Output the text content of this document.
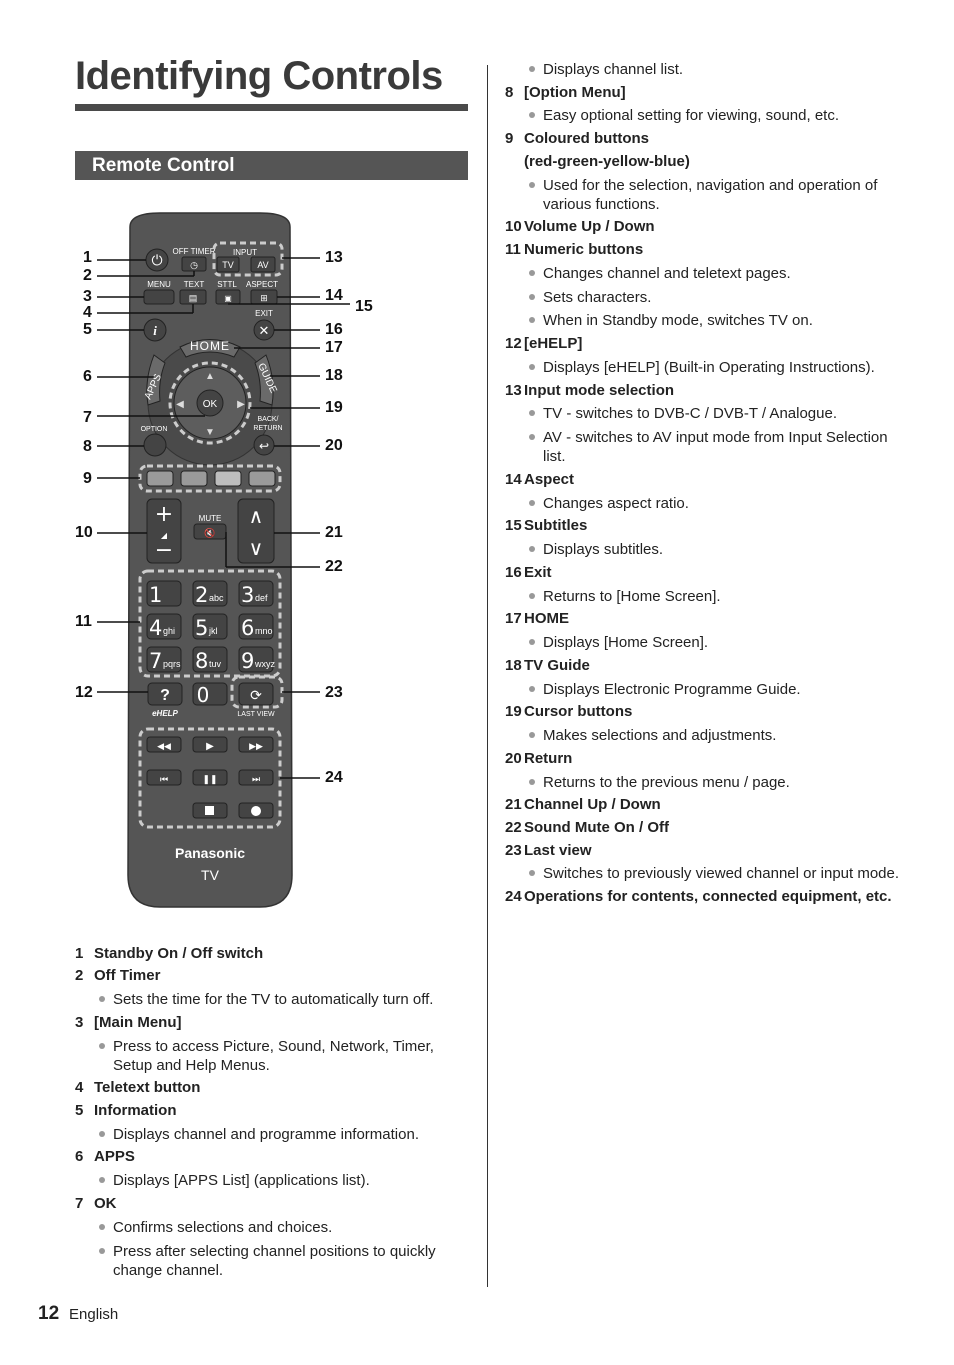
Identifying Controls
Remote Control
⏻
OFF TIMER
◷
INPUT
TV	AV
MENU TEXT
▤
STTL
▣
ASPECT
⊞
i
EXIT
✕
HOME
APPS	GUIDE
▲
▼
◀	▶
OK
OPTION
BACK/
RETURN
↩
+
◢
−
MUTE
🔇
∧
∨
1 2 abc 3 def
4 ghi 5 jkl 6 mno
7 pqrs 8 tuv 9 wxyz
?
eHELP
0	⟳
LAST VIEW
◀◀	▶	▶▶
⏮	❚❚	⏭
Panasonic
TV
1
2
3
4
5
6
7
8
9
10
11
12
13
14
15
16
17
18
19
20
21
22
23
24
1 Standby On / Off switch
2 Off Timer
Sets the time for the TV to automatically turn off.
3 [Main Menu]
Press to access Picture, Sound, Network, Timer, Setup and Help Menus.
4 Teletext button
5 Information
Displays channel and programme information.
6 APPS
Displays [APPS List] (applications list).
7 OK
Confirms selections and choices.
Press after selecting channel positions to quickly change channel.
Displays channel list.
8 [Option Menu]
Easy optional setting for viewing, sound, etc.
9 Coloured buttons
(red-green-yellow-blue)
Used for the selection, navigation and operation of various functions.
10 Volume Up / Down
11 Numeric buttons
Changes channel and teletext pages.
Sets characters.
When in Standby mode, switches TV on.
12 [eHELP]
Displays [eHELP] (Built-in Operating Instructions).
13 Input mode selection
TV - switches to DVB-C / DVB-T / Analogue.
AV - switches to AV input mode from Input Selection list.
14 Aspect
Changes aspect ratio.
15 Subtitles
Displays subtitles.
16 Exit
Returns to [Home Screen].
17 HOME
Displays [Home Screen].
18 TV Guide
Displays Electronic Programme Guide.
19 Cursor buttons
Makes selections and adjustments.
20 Return
Returns to the previous menu / page.
21 Channel Up / Down
22 Sound Mute On / Off
23 Last view
Switches to previously viewed channel or input mode.
24 Operations for contents, connected equipment, etc.
12 English
